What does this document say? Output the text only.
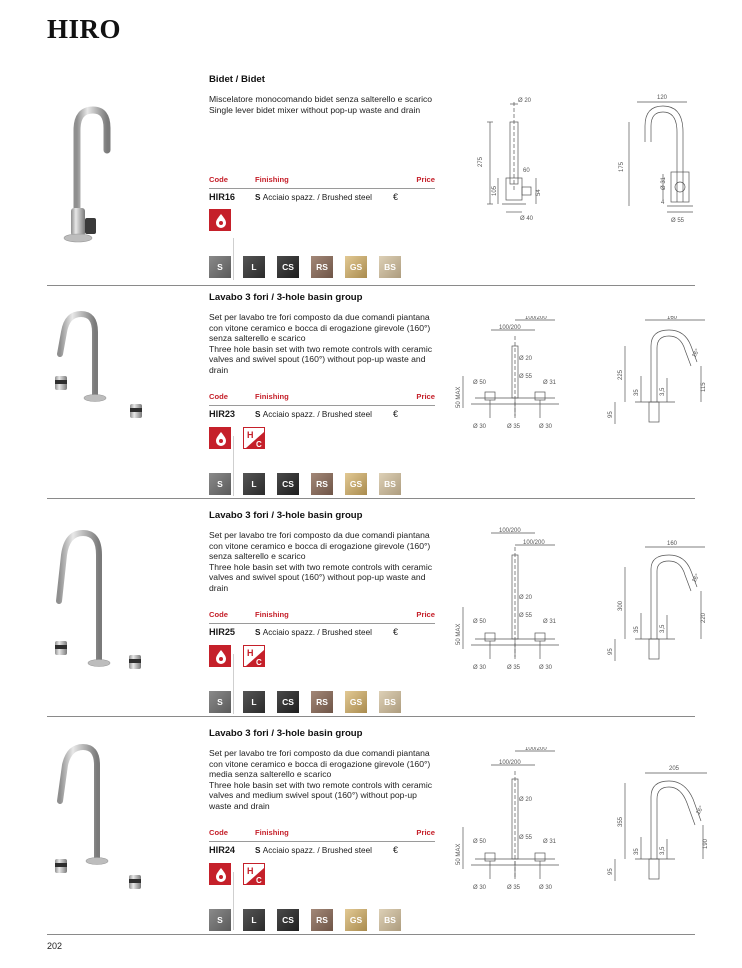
HIRO
Bidet / Bidet

Miscelatore monocomando bidet senza salterello e scarico

Single lever bidet mixer without pop-up waste and drain

Code	Finishing	Price
HIR16 S Acciaio spazz. / Brushed steel €
S	L	CS	RS	GS	BS
Ø 20
275
105
60
54
Ø 40
120
175
Ø 31
4
Ø 55
Lavabo 3 fori / 3-hole basin group

Set per lavabo tre fori composto da due comandi piantana con vitone ceramico e bocca di erogazione girevole (160°) senza salterello e scarico

Three hole basin set with two remote controls with ceramic valves and swivel spout (160°) without pop-up waste and drain

Code	Finishing	Price
HIR23 S Acciaio spazz. / Brushed steel €
H
C
S	L	CS	RS	GS	BS
100/200
100/200
50 MAX
Ø 20
Ø 50
Ø 55
Ø 31
Ø 30	Ø 35	Ø 30
160
225
115
35	3,5
95
16°
Lavabo 3 fori / 3-hole basin group

Set per lavabo tre fori composto da due comandi piantana con vitone ceramico e bocca di erogazione girevole (160°) senza salterello e scarico

Three hole basin set with two remote controls with ceramic valves and swivel spout (160°) without pop-up waste and drain

Code	Finishing	Price
HIR25 S Acciaio spazz. / Brushed steel €
H
C
S	L	CS	RS	GS	BS
100/200
100/200
50 MAX
Ø 20
Ø 50
Ø 55
Ø 31
Ø 30	Ø 35	Ø 30
160
300
220
35	3,5
95
16°
Lavabo 3 fori / 3-hole basin group

Set per lavabo tre fori composto da due comandi piantana con vitone ceramico e bocca di erogazione girevole (160°) media senza salterello e scarico

Three hole basin set with two remote controls with ceramic valves and medium swivel spout (160°) without pop-up waste and drain

Code	Finishing	Price
HIR24 S Acciaio spazz. / Brushed steel €
H
C
S	L	CS	RS	GS	BS
100/200
100/200
50 MAX
Ø 20
Ø 50
Ø 55
Ø 31
Ø 30	Ø 35	Ø 30
205
355
190
35	3,5
95
16°
202
